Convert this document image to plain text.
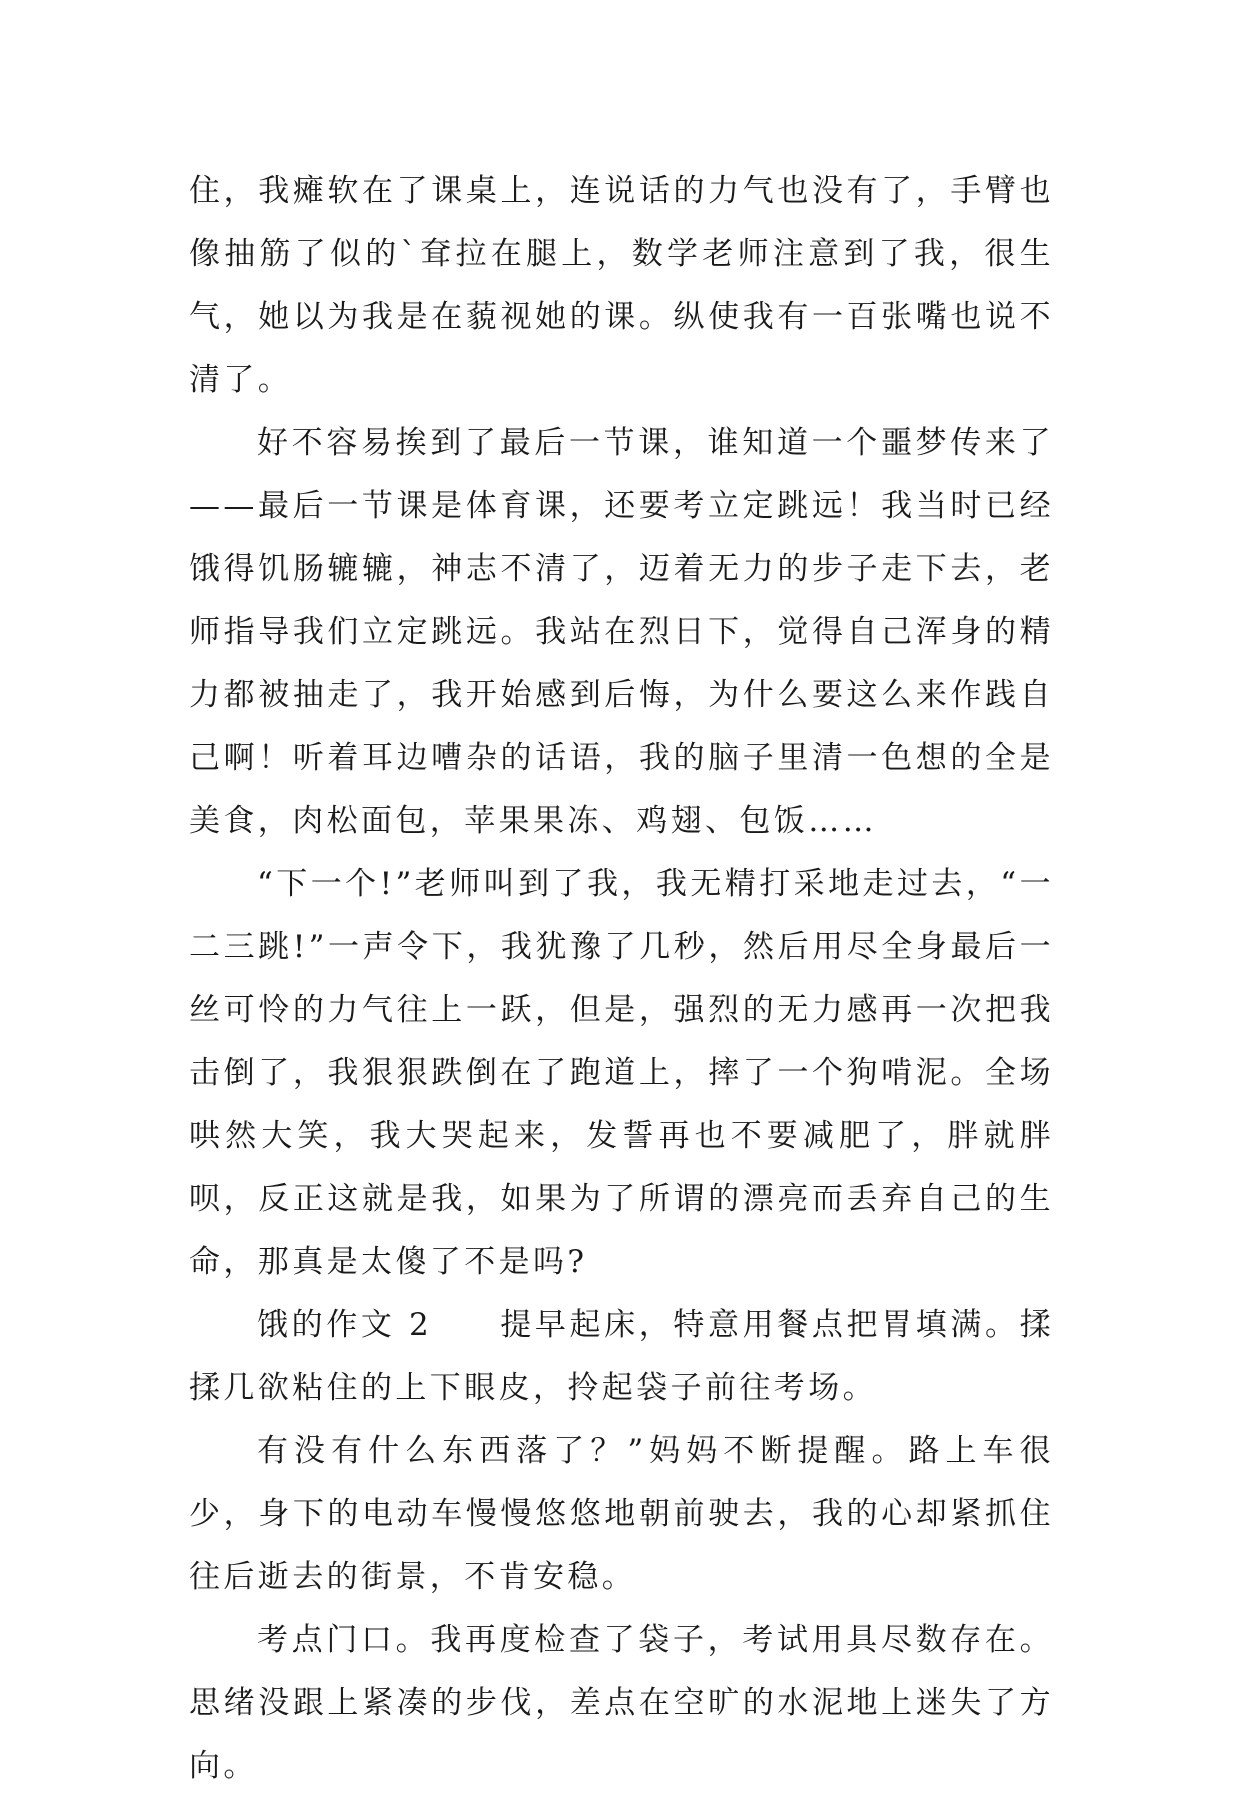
住，我瘫软在了课桌上，连说话的力气也没有了，手臂也像抽筋了似的`耷拉在腿上，数学老师注意到了我，很生气，她以为我是在藐视她的课。纵使我有一百张嘴也说不清了。

好不容易挨到了最后一节课，谁知道一个噩梦传来了——最后一节课是体育课，还要考立定跳远！我当时已经饿得饥肠辘辘，神志不清了，迈着无力的步子走下去，老师指导我们立定跳远。我站在烈日下，觉得自己浑身的精力都被抽走了，我开始感到后悔，为什么要这么来作践自己啊！听着耳边嘈杂的话语，我的脑子里清一色想的全是美食，肉松面包，苹果果冻、鸡翅、包饭……

“下一个!”老师叫到了我，我无精打采地走过去，“一二三跳!”一声令下，我犹豫了几秒，然后用尽全身最后一丝可怜的力气往上一跃，但是，强烈的无力感再一次把我击倒了，我狠狠跌倒在了跑道上，摔了一个狗啃泥。全场哄然大笑，我大哭起来，发誓再也不要减肥了，胖就胖呗，反正这就是我，如果为了所谓的漂亮而丢弃自己的生命，那真是太傻了不是吗?

饿的作文 2 提早起床，特意用餐点把胃填满。揉揉几欲粘住的上下眼皮，拎起袋子前往考场。

有没有什么东西落了？”妈妈不断提醒。路上车很少，身下的电动车慢慢悠悠地朝前驶去，我的心却紧抓住往后逝去的街景，不肯安稳。

考点门口。我再度检查了袋子，考试用具尽数存在。思绪没跟上紧凑的步伐，差点在空旷的水泥地上迷失了方向。
